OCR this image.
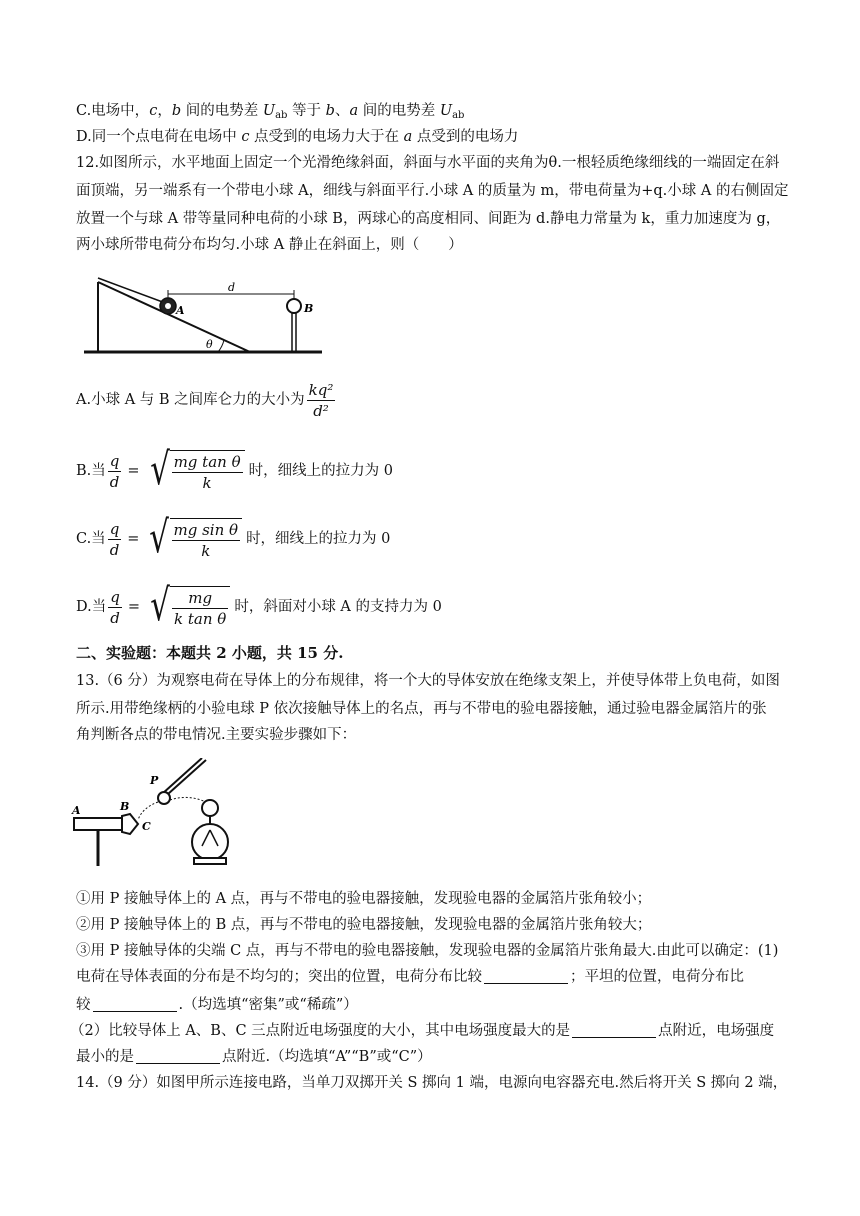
C.电场中，c，b 间的电势差 $U_{ab}$ 等于 b、a 间的电势差 $U_{ab}$
D.同一个点电荷在电场中 c 点受到的电场力大于在 a 点受到的电场力
12.如图所示，水平地面上固定一个光滑绝缘斜面，斜面与水平面的夹角为θ.一根轻质绝缘细线的一端固定在斜
面顶端，另一端系有一个带电小球 A，细线与斜面平行.小球 A 的质量为 m，带电荷量为+q.小球 A 的右侧固定
放置一个与球 A 带等量同种电荷的小球 B，两球心的高度相同、间距为 d.静电力常量为 k，重力加速度为 g，
两小球所带电荷分布均匀.小球 A 静止在斜面上，则（　　）
A	B
d
θ
A.小球 A 与 B 之间库仑力的大小为 $\frac{\text{kq²}}{\text{d²}}$
B.当 $\frac{q}{d}$ = √ $\frac{\text{mg tan θ}}{k}$ 时，细线上的拉力为 0
C.当 $\frac{q}{d}$ = √ $\frac{\text{mg sin θ}}{k}$ 时，细线上的拉力为 0
D.当 $\frac{q}{d}$ = √ $\frac{mg}{\text{k tan θ}}$ 时，斜面对小球 A 的支持力为 0
二、实验题：本题共 2 小题，共 15 分.
13.（6 分）为观察电荷在导体上的分布规律，将一个大的导体安放在绝缘支架上，并使导体带上负电荷，如图
所示.用带绝缘柄的小验电球 P 依次接触导体上的名点，再与不带电的验电器接触，通过验电器金属箔片的张
角判断各点的带电情况.主要实验步骤如下：
P
A	B
C
①用 P 接触导体上的 A 点，再与不带电的验电器接触，发现验电器的金属箔片张角较小；
②用 P 接触导体上的 B 点，再与不带电的验电器接触，发现验电器的金属箔片张角较大；
③用 P 接触导体的尖端 C 点，再与不带电的验电器接触，发现验电器的金属箔片张角最大.由此可以确定：(1)
电荷在导体表面的分布是不均匀的；突出的位置，电荷分布比较	；平坦的位置，电荷分布比
较	.（均选填“密集”或“稀疏”）
（2）比较导体上 A、B、C 三点附近电场强度的大小，其中电场强度最大的是	点附近，电场强度
最小的是	点附近.（均选填“A”“B”或“C”）
14.（9 分）如图甲所示连接电路，当单刀双掷开关 S 掷向 1 端，电源向电容器充电.然后将开关 S 掷向 2 端，
